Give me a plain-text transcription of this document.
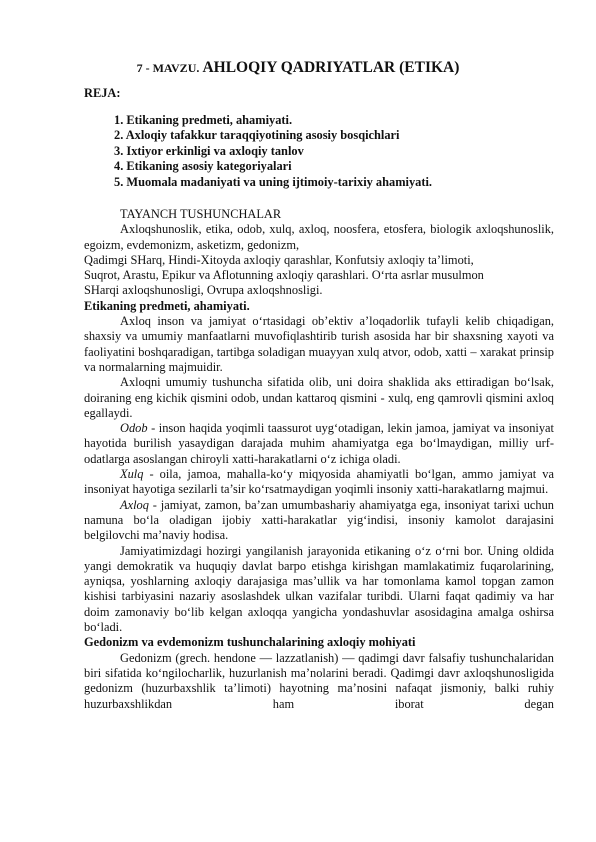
7 - MAVZU. AHLOQIY QADRIYATLAR (ETIKA)
REJA:
1. Etikaning predmeti, ahamiyati.
2. Axloqiy tafakkur taraqqiyotining asosiy bosqichlari
3. Ixtiyor erkinligi va axloqiy tanlov
4. Etikaning asosiy kategoriyalari
5. Muomala madaniyati va uning ijtimoiy-tarixiy ahamiyati.

TAYANCH TUSHUNCHALAR

Axloqshunoslik, etika, odob, xulq, axloq, noosfera, etosfera, biologik axloqshunoslik, egoizm, evdemonizm, asketizm, gedonizm,

Qadimgi SHarq, Hindi-Xitoyda axloqiy qarashlar, Konfutsiy axloqiy ta’limoti,

Suqrot, Arastu, Epikur va Aflotunning axloqiy qarashlari. O‘rta asrlar musulmon

SHarqi axloqshunosligi, Ovrupa axloqshnosligi.

Etikaning predmeti, ahamiyati.

Axloq inson va jamiyat o‘rtasidagi ob’ektiv a’loqadorlik tufayli kelib chiqadigan, shaxsiy va umumiy manfaatlarni muvofiqlashtirib turish asosida har bir shaxsning xayoti va faoliyatini boshqaradigan, tartibga soladigan muayyan xulq atvor, odob, xatti – xarakat prinsip va normalarning majmuidir.

Axloqni umumiy tushuncha sifatida olib, uni doira shaklida aks ettiradigan bo‘lsak, doiraning eng kichik qismini odob, undan kattaroq qismini - xulq, eng qamrovli qismini axloq egallaydi.

Odob - inson haqida yoqimli taassurot uyg‘otadigan, lekin jamoa, jamiyat va insoniyat hayotida burilish yasaydigan darajada muhim ahamiyatga ega bo‘lmaydigan, milliy urf-odatlarga asoslangan chiroyli xatti-harakatlarni o‘z ichiga oladi.

Xulq - oila, jamoa, mahalla-ko‘y miqyosida ahamiyatli bo‘lgan, ammo jamiyat va insoniyat hayotiga sezilarli ta’sir ko‘rsatmaydigan yoqimli insoniy xatti-harakatlarng majmui.

Axloq - jamiyat, zamon, ba’zan umumbashariy ahamiyatga ega, insoniyat tarixi uchun namuna bo‘la oladigan ijobiy xatti-harakatlar yig‘indisi, insoniy kamolot darajasini belgilovchi ma’naviy hodisa.

Jamiyatimizdagi hozirgi yangilanish jarayonida etikaning o‘z o‘rni bor. Uning oldida yangi demokratik va huquqiy davlat barpo etishga kirishgan mamlakatimiz fuqarolarining, ayniqsa, yoshlarning axloqiy darajasiga mas’ullik va har tomonlama kamol topgan zamon kishisi tarbiyasini nazariy asoslashdek ulkan vazifalar turibdi. Ularni faqat qadimiy va har doim zamonaviy bo‘lib kelgan axloqqa yangicha yondashuvlar asosidagina amalga oshirsa bo‘ladi.

Gedonizm va evdemonizm tushunchalarining axloqiy mohiyati

Gedonizm (grech. hendone — lazzatlanish) — qadimgi davr falsafiy tushunchalaridan biri sifatida ko‘ngilocharlik, huzurlanish ma’nolarini beradi. Qadimgi davr axloqshunosligida gedonizm (huzurbaxshlik ta’limoti) hayotning ma’nosini nafaqat jismoniy, balki ruhiy huzurbaxshlikdan ham iborat degan
